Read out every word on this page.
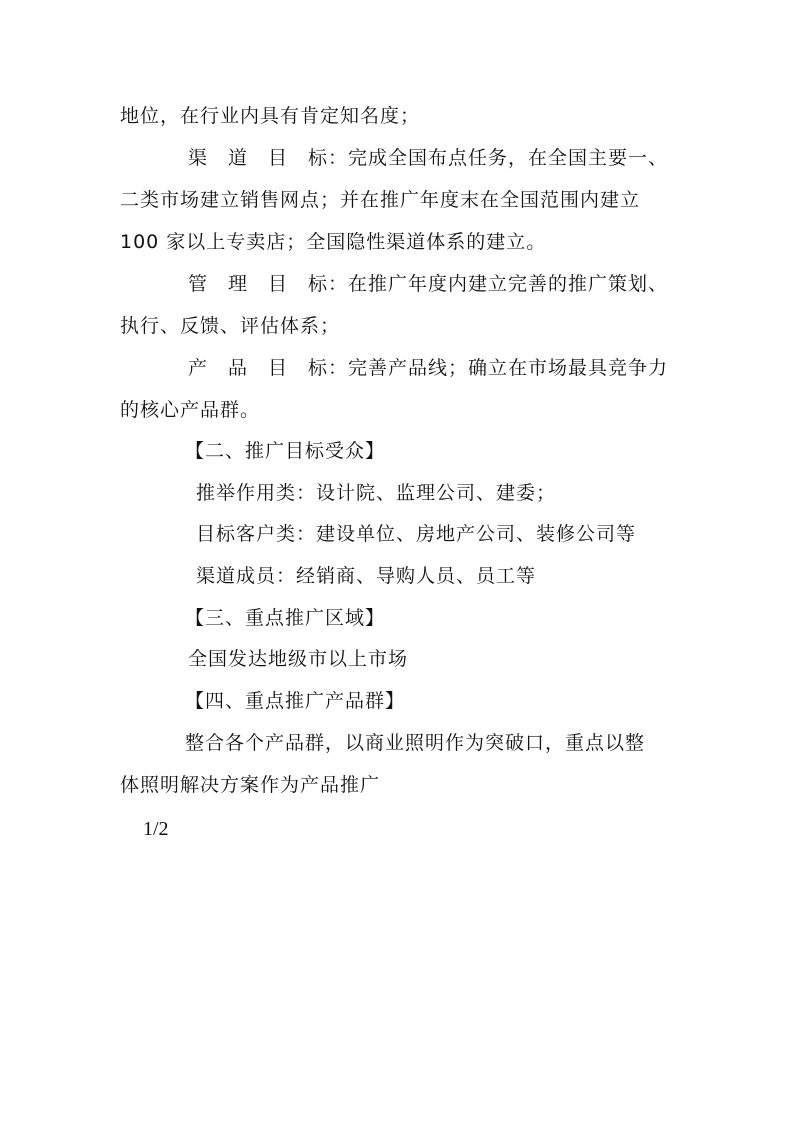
地位，在行业内具有肯定知名度；
渠　道　目　标：完成全国布点任务，在全国主要一、
二类市场建立销售网点；并在推广年度末在全国范围内建立
100 家以上专卖店；全国隐性渠道体系的建立。
管　理　目　标：在推广年度内建立完善的推广策划、
执行、反馈、评估体系；
产　品　目　标：完善产品线；确立在市场最具竞争力
的核心产品群。
【二、推广目标受众】
推举作用类：设计院、监理公司、建委；
目标客户类：建设单位、房地产公司、装修公司等
渠道成员：经销商、导购人员、员工等
【三、重点推广区域】
全国发达地级市以上市场
【四、重点推广产品群】
整合各个产品群，以商业照明作为突破口，重点以整
体照明解决方案作为产品推广
1/2
